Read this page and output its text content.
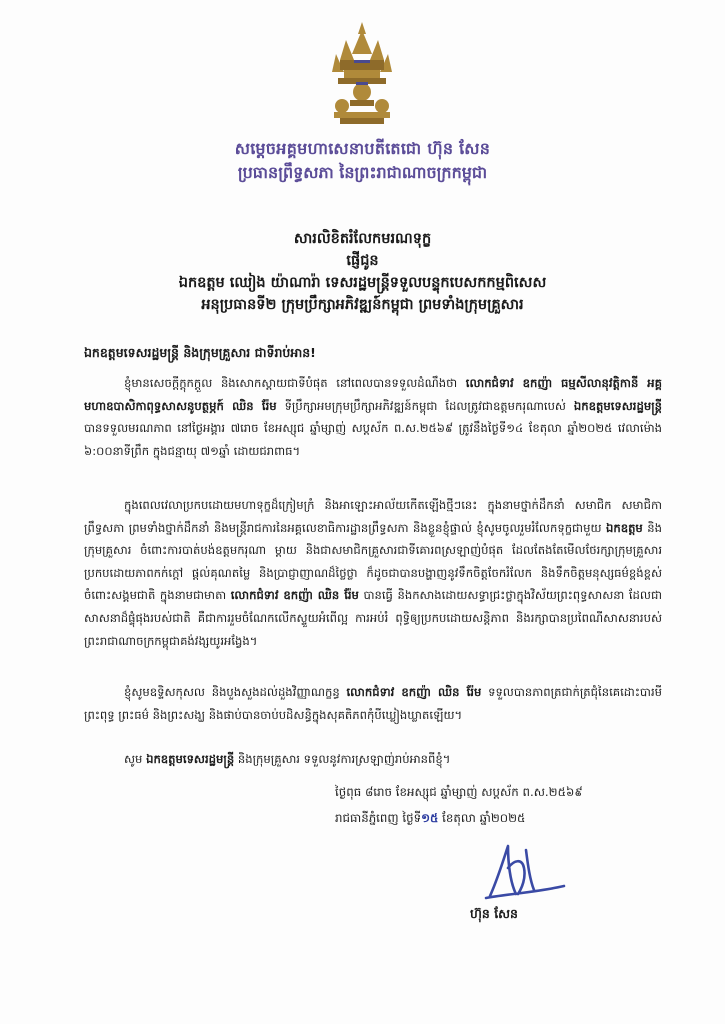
សម្តេចអគ្គមហាសេនាបតីតេជោ ហ៊ុន សែន
ប្រធានព្រឹទ្ធសភា នៃព្រះរាជាណាចក្រកម្ពុជា
សារលិខិតរំលែកមរណទុក្ខ
ផ្ញើជូន
ឯកឧត្តម ឈៀង យ៉ាណារ៉ា ទេសរដ្ឋមន្ត្រីទទួលបន្ទុកបេសកកម្មពិសេស
អនុប្រធានទី២ ក្រុមប្រឹក្សាអភិវឌ្ឍន៍កម្ពុជា ព្រមទាំងក្រុមគ្រួសារ
ឯកឧត្តមទេសរដ្ឋមន្ត្រី និងក្រុមគ្រួសារ ជាទីរាប់អាន!

ខ្ញុំមានសេចក្តីក្តុកក្តួល និងសោកស្តាយជាទីបំផុត នៅពេលបានទទួលដំណឹងថា លោកជំទាវ ឧកញ៉ា ធម្មសីលានុវត្តិកានី អគ្គមហាឧបាសិកាពុទ្ធសាសនូបត្ថម្ភក៍ ឈិន រ៉ែម ទីប្រឹក្សាអមក្រុមប្រឹក្សាអភិវឌ្ឍន៍កម្ពុជា ដែលត្រូវជាឧត្តមករុណាបេស់ ឯកឧត្តមទេសរដ្ឋមន្ត្រី បានទទួលមរណភាព នៅថ្ងៃអង្គារ ៧រោច ខែអស្សុជ ឆ្នាំម្សាញ់ សប្តស័ក ព.ស.២៥៦៩ ត្រូវនឹងថ្ងៃទី១៤ ខែតុលា ឆ្នាំ២០២៥ វេលាម៉ោង ៦:០០នាទីព្រឹក ក្នុងជន្មាយុ ៧១ឆ្នាំ ដោយជរាពាធ។

ក្នុងពេលវេលាប្រកបដោយមហាទុក្ខដ៏ក្រៀមក្រំ និងអាឡោះអាល័យកើតឡើងថ្មីៗនេះ ក្នុងនាមថ្នាក់ដឹកនាំ សមាជិក សមាជិកាព្រឹទ្ធសភា ព្រមទាំងថ្នាក់ដឹកនាំ និងមន្ត្រីរាជការនៃអគ្គលេខាធិការដ្ឋានព្រឹទ្ធសភា និងខ្លួនខ្ញុំផ្ទាល់ ខ្ញុំសូមចូលរួមរំលែកទុក្ខជាមួយ ឯកឧត្តម និងក្រុមគ្រួសារ ចំពោះការបាត់បង់ឧត្តមករុណា ម្តាយ និងជាសមាជិកគ្រួសារជាទីគោរពស្រឡាញ់បំផុត ដែលតែងតែមើលថែរក្សាក្រុមគ្រួសារប្រកបដោយភាពកក់ក្តៅ ផ្តល់គុណតម្លៃ និងប្រាជ្ញាញាណដ៏ថ្លៃថ្លា ក៏ដូចជាបានបង្ហាញនូវទឹកចិត្តចែករំលែក និងទឹកចិត្តមនុស្សធម៌ខ្ពង់ខ្ពស់ ចំពោះសង្គមជាតិ ក្នុងនាមជាមាតា លោកជំទាវ ឧកញ៉ា ឈិន រ៉ែម បានធ្វើ និងកសាងដោយសទ្ធាជ្រះថ្លាក្នុងវិស័យព្រះពុទ្ធសាសនា ដែលជាសាសនាដ៏ផ្ទុំផុងរបស់ជាតិ គឺជាការរួមចំណែកលើកស្ទួយអំពើល្អ ការអប់រំ ពុទ្ធិឲ្យប្រកបដោយសន្តិភាព និងរក្សាបានប្រពៃណីសាសនារបស់ព្រះរាជាណាចក្រកម្ពុជាគង់វង្សយូរអង្វែង។

ខ្ញុំសូមឧទ្ទិសកុសល និងបួងសួងដល់ដួងវិញ្ញាណក្ខន្ធ លោកជំទាវ ឧកញ៉ា ឈិន រ៉ែម ទទួលបានភាពត្រជាក់ត្រជុំនៃគេដោះបារមី ព្រះពុទ្ធ ព្រះធម៌ និងព្រះសង្ឃ និងផាប់បានចាប់បដិសន្ធិក្នុងសុគតិភពកុំបីឃ្លៀងឃ្លាតឡើយ។

សូម ឯកឧត្តមទេសរដ្ឋមន្ត្រី និងក្រុមគ្រួសារ ទទួលនូវការស្រឡាញ់រាប់អានពីខ្ញុំ។

ថ្ងៃពុធ ៨រោច ខែអស្សុជ ឆ្នាំម្សាញ់ សប្តស័ក ព.ស.២៥៦៩
រាជធានីភ្នំពេញ ថ្ងៃទី១៥ ខែតុលា ឆ្នាំ២០២៥
ហ៊ុន សែន
